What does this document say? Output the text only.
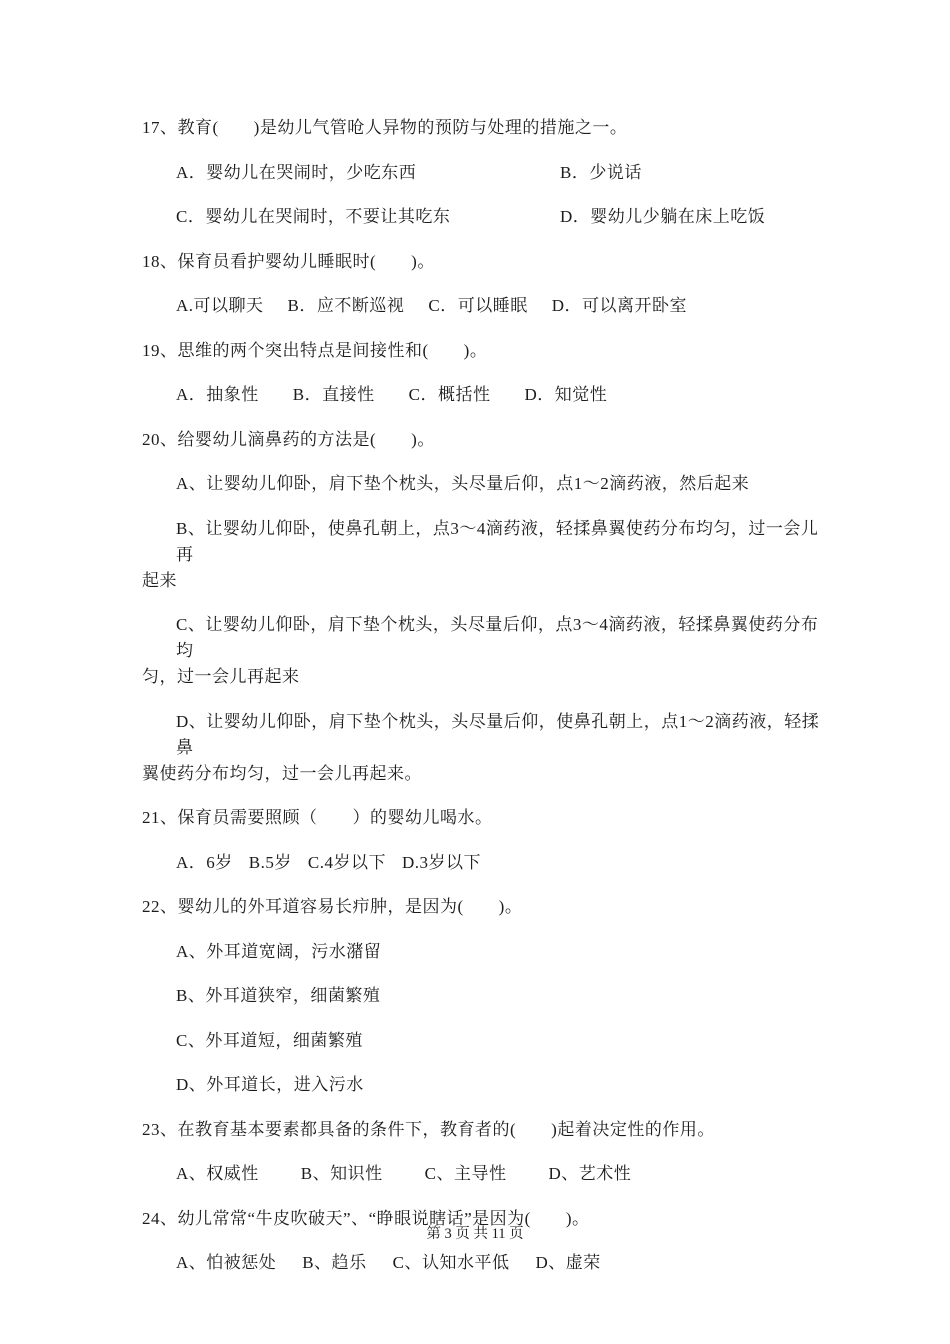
17、教育(　　)是幼儿气管呛人异物的预防与处理的措施之一。

A．婴幼儿在哭闹时，少吃东西	B．少说话

C．婴幼儿在哭闹时，不要让其吃东	D．婴幼儿少躺在床上吃饭

18、保育员看护婴幼儿睡眠时(　　)。

A.可以聊天 B．应不断巡视 C．可以睡眠 D．可以离开卧室

19、思维的两个突出特点是间接性和(　　)。

A．抽象性 B．直接性 C．概括性 D．知觉性

20、给婴幼儿滴鼻药的方法是(　　)。

A、让婴幼儿仰卧，肩下垫个枕头，头尽量后仰，点1～2滴药液，然后起来

B、让婴幼儿仰卧，使鼻孔朝上，点3～4滴药液，轻揉鼻翼使药分布均匀，过一会儿再

起来

C、让婴幼儿仰卧，肩下垫个枕头，头尽量后仰，点3～4滴药液，轻揉鼻翼使药分布均

匀，过一会儿再起来

D、让婴幼儿仰卧，肩下垫个枕头，头尽量后仰，使鼻孔朝上，点1～2滴药液，轻揉鼻

翼使药分布均匀，过一会儿再起来。

21、保育员需要照顾（　　）的婴幼儿喝水。

A．6岁 B.5岁 C.4岁以下 D.3岁以下

22、婴幼儿的外耳道容易长疖肿，是因为(　　)。

A、外耳道宽阔，污水潴留

B、外耳道狭窄，细菌繁殖

C、外耳道短，细菌繁殖

D、外耳道长，进入污水

23、在教育基本要素都具备的条件下，教育者的(　　)起着决定性的作用。

A、权威性 B、知识性 C、主导性 D、艺术性

24、幼儿常常“牛皮吹破天”、“睁眼说瞎话”是因为(　　)。

A、怕被惩处 B、趋乐 C、认知水平低 D、虚荣

第 3 页 共 11 页
